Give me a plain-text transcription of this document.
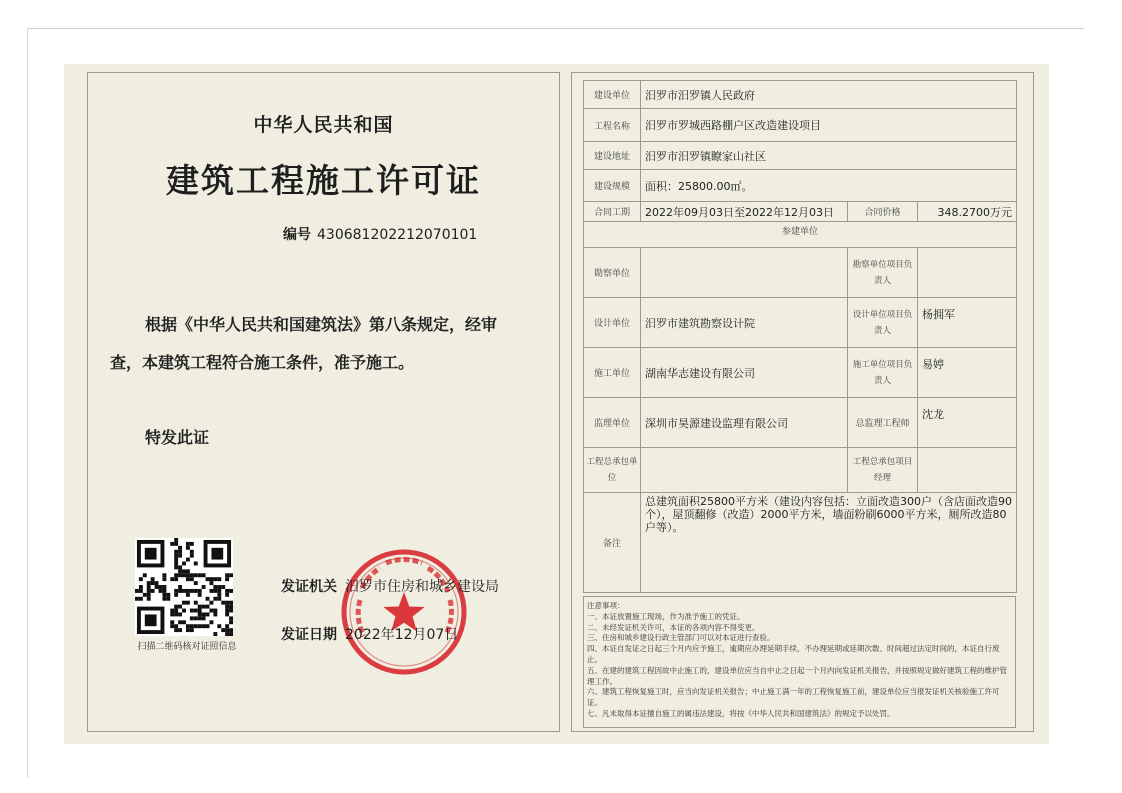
中华人民共和国
建筑工程施工许可证
编号 430681202212070101
根据《中华人民共和国建筑法》第八条规定，经审
查，本建筑工程符合施工条件，准予施工。
特发此证
扫描二维码核对证照信息
发证机关 汨罗市住房和城乡建设局
发证日期 2022年12月07日
建设单位	汨罗市汨罗镇人民政府		
工程名称	汨罗市罗城西路棚户区改造建设项目		
建设地址	汨罗市汨罗镇瞭家山社区		
建设规模	面积：25800.00㎡。		
合同工期	2022年09月03日至2022年12月03日	合同价格	348.2700万元
参建单位			
勘察单位		勘察单位项目负责人	
设计单位	汨罗市建筑勘察设计院	设计单位项目负责人	杨拥军
施工单位	湖南华志建设有限公司	施工单位项目负责人	易婷
监理单位	深圳市昊源建设监理有限公司	总监理工程师	沈龙
工程总承包单位		工程总承包项目经理	
备注	总建筑面积25800平方米（建设内容包括：立面改造300户（含店面改造90个），屋顶翻修（改造）2000平方米，墙面粉刷6000平方米，厕所改造80户等）。		
注意事项：
一、本证放置施工现场，作为准予施工的凭证。
二、未经发证机关许可，本证的各项内容不得变更。
三、住房和城乡建设行政主管部门可以对本证进行查验。
四、本证自发证之日起三个月内应予施工，逾期应办理延期手续，不办理延期或延期次数、时间超过法定时间的，本证自行废止。
五、在建的建筑工程因故中止施工的，建设单位应当自中止之日起一个月内向发证机关报告，并按照规定做好建筑工程的维护管理工作。
六、建筑工程恢复施工时，应当向发证机关报告；中止施工满一年的工程恢复施工前，建设单位应当报发证机关核验施工许可证。
七、凡未取得本证擅自施工的属违法建设，将按《中华人民共和国建筑法》的规定予以处罚。
